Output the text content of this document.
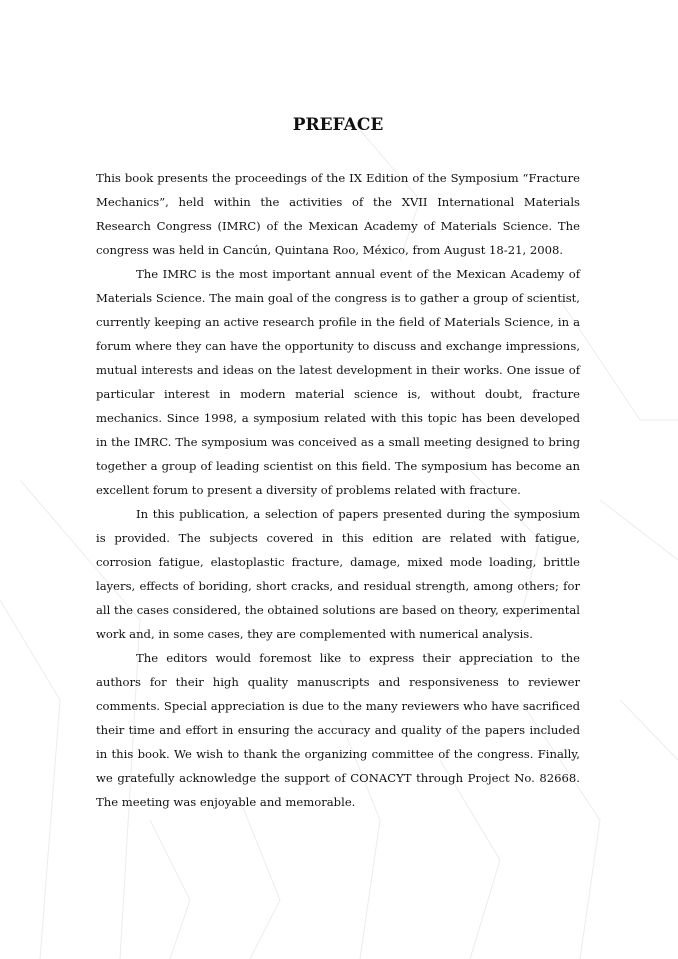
PREFACE

This book presents the proceedings of the IX Edition of the Symposium “Fracture Mechanics”, held within the activities of the XVII International Materials Research Congress (IMRC) of the Mexican Academy of Materials Science. The congress was held in Cancún, Quintana Roo, México, from August 18-21, 2008.

The IMRC is the most important annual event of the Mexican Academy of Materials Science. The main goal of the congress is to gather a group of scientist, currently keeping an active research profile in the field of Materials Science, in a forum where they can have the opportunity to discuss and exchange impressions, mutual interests and ideas on the latest development in their works. One issue of particular interest in modern material science is, without doubt, fracture mechanics. Since 1998, a symposium related with this topic has been developed in the IMRC. The symposium was conceived as a small meeting designed to bring together a group of leading scientist on this field. The symposium has become an excellent forum to present a diversity of problems related with fracture.

In this publication, a selection of papers presented during the symposium is provided. The subjects covered in this edition are related with fatigue, corrosion fatigue, elastoplastic fracture, damage, mixed mode loading, brittle layers, effects of boriding, short cracks, and residual strength, among others; for all the cases considered, the obtained solutions are based on theory, experimental work and, in some cases, they are complemented with numerical analysis.

The editors would foremost like to express their appreciation to the authors for their high quality manuscripts and responsiveness to reviewer comments. Special appreciation is due to the many reviewers who have sacrificed their time and effort in ensuring the accuracy and quality of the papers included in this book. We wish to thank the organizing committee of the congress. Finally, we gratefully acknowledge the support of CONACYT through Project No. 82668. The meeting was enjoyable and memorable.
